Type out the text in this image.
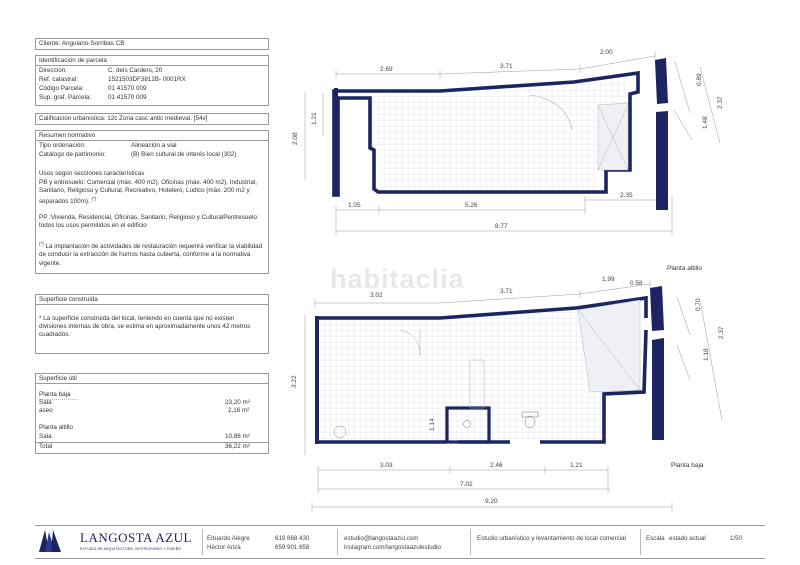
Cliente: Anguiano-Sorribas CB
Identificación de parcela
Dirección:	C. dels Carders, 20
Ref. catastral:	1521503DF3812B- 0001RX
Código Parcela:	01 41570 009
Sup. graf. Parcela:	01 41570 009
Calificación urbanística: 12c Zona casc antic medieval. [54v]
Resumen normativo
Tipo ordenación:	Alineación a vial
Catálogo de patrimonio:	(B) Bien cultural de interés local (302)
Usos según secciones características
PB y entresuelo: Comercial (máx. 400 m2), Oficinas (máx. 400 m2), Industrial, Sanitario, Religioso y Cultural, Recreativo, Hotelero, Lúdico (máx. 200 m2 y separados 100m). (*)
PP :Vivienda, Residencial, Oficinas, Sanitario, Religioso y CulturalPentresuelo: todos los usos permitidos en el edificio
(*) La implantación de actividades de restauración requerirá verificar la viabilidad de conducir la extracción de humos hasta cubierta, conforme a la normativa vigente.
Superficie construida
* La superficie construida del local, teniendo en cuenta que no existen divisiones internas de obra, se estima en aproximadamente unos 42 metros cuadrados.
Superficie útil
Planta baja
Sala	23,20 m²
aseo	2,16 m²
Planta altillo
Sala	10,86 m²
Total	36,22 m²
habitaclia
2.69	3.71
2.00
0.89
2.37
1.48
2.08
1.21
1.05	5.26
2.35
8.77
3.02
3.71
1.99
0.58
0.70
2.37
1.18
3.22
3.03	2.46	1.21
7.02
9.20
Planta altillo
Planta baja
LANGOSTA AZUL
ESTUDIO DE ARQUITECTURA, INTERIORISMO Y DISEÑO
Eduardo Alegre
Héctor Ariza
619 868 430
659 901 658
estudio@langostaazul.com
instagram.com/langostaazulestudio
Estudio urbanístico y levantamiento de local comercial	Escala estado actual	1/50
